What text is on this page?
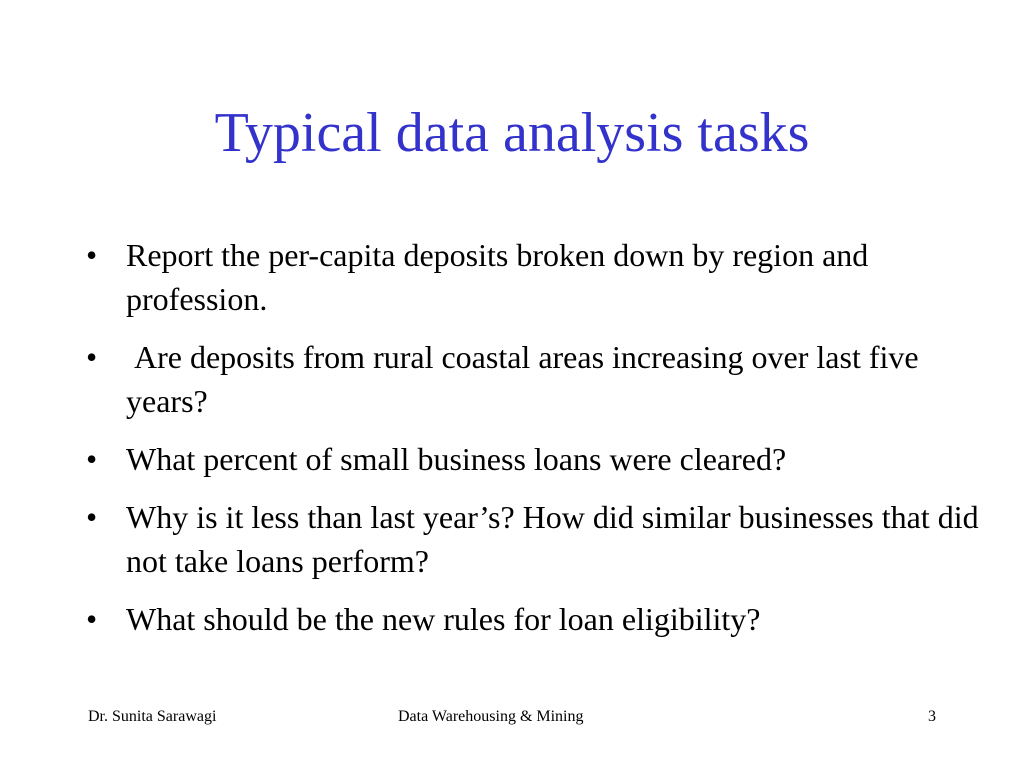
Typical data analysis tasks
• Report the per-capita deposits broken down by region and profession.
• Are deposits from rural coastal areas increasing over last five years?
• What percent of small business loans were cleared?
• Why is it less than last year’s? How did similar businesses that did not take loans perform?
• What should be the new rules for loan eligibility?
Dr. Sunita Sarawagi	Data Warehousing & Mining	3
